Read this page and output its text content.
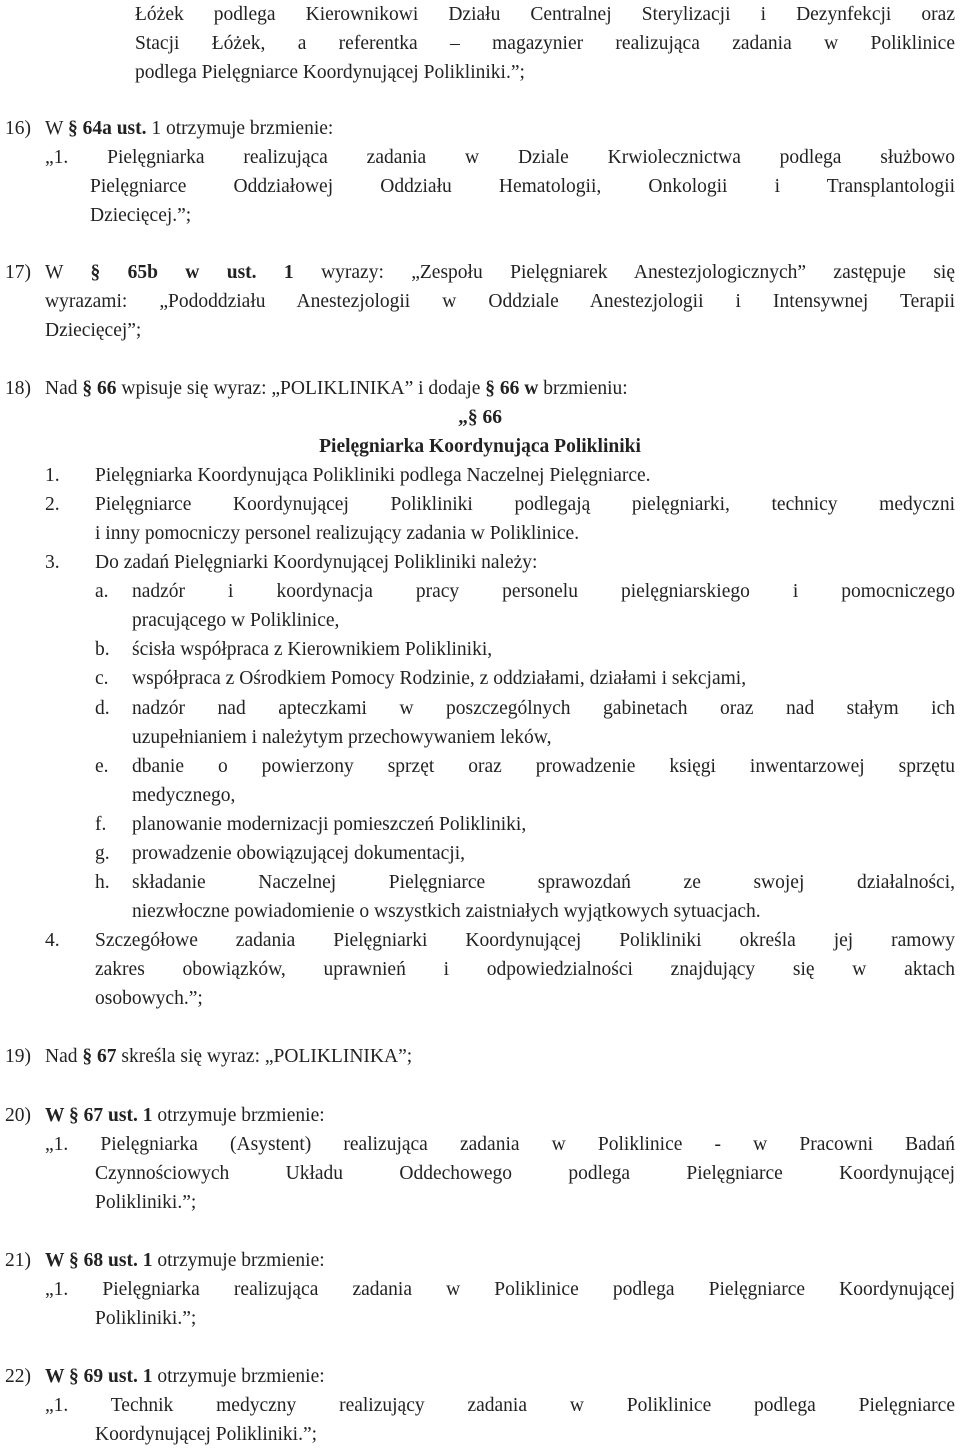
Łóżek podlega Kierownikowi Działu Centralnej Sterylizacji i Dezynfekcji oraz
Stacji Łóżek, a referentka – magazynier realizująca zadania w Poliklinice
podlega Pielęgniarce Koordynującej Polikliniki.”;
16) W § 64a ust. 1 otrzymuje brzmienie:
„1. Pielęgniarka realizująca zadania w Dziale Krwiolecznictwa podlega służbowo
Pielęgniarce Oddziałowej Oddziału Hematologii, Onkologii i Transplantologii
Dziecięcej.”;
17) W § 65b w ust. 1 wyrazy: „Zespołu Pielęgniarek Anestezjologicznych” zastępuje się
wyrazami: „Pododdziału Anestezjologii w Oddziale Anestezjologii i Intensywnej Terapii
Dziecięcej”;
18) Nad § 66 wpisuje się wyraz: „POLIKLINIKA” i dodaje § 66 w brzmieniu:
„§ 66
Pielęgniarka Koordynująca Polikliniki
1. Pielęgniarka Koordynująca Polikliniki podlega Naczelnej Pielęgniarce.
2. Pielęgniarce Koordynującej Polikliniki podlegają pielęgniarki, technicy medyczni
i inny pomocniczy personel realizujący zadania w Poliklinice.
3. Do zadań Pielęgniarki Koordynującej Polikliniki należy:
a. nadzór i koordynacja pracy personelu pielęgniarskiego i pomocniczego
pracującego w Poliklinice,
b. ścisła współpraca z Kierownikiem Polikliniki,
c. współpraca z Ośrodkiem Pomocy Rodzinie, z oddziałami, działami i sekcjami,
d. nadzór nad apteczkami w poszczególnych gabinetach oraz nad stałym ich
uzupełnianiem i należytym przechowywaniem leków,
e. dbanie o powierzony sprzęt oraz prowadzenie księgi inwentarzowej sprzętu
medycznego,
f. planowanie modernizacji pomieszczeń Polikliniki,
g. prowadzenie obowiązującej dokumentacji,
h. składanie Naczelnej Pielęgniarce sprawozdań ze swojej działalności,
niezwłoczne powiadomienie o wszystkich zaistniałych wyjątkowych sytuacjach.
4. Szczegółowe zadania Pielęgniarki Koordynującej Polikliniki określa jej ramowy
zakres obowiązków, uprawnień i odpowiedzialności znajdujący się w aktach
osobowych.”;
19) Nad § 67 skreśla się wyraz: „POLIKLINIKA”;
20) W § 67 ust. 1 otrzymuje brzmienie:
„1. Pielęgniarka (Asystent) realizująca zadania w Poliklinice - w Pracowni Badań
Czynnościowych Układu Oddechowego podlega Pielęgniarce Koordynującej
Polikliniki.”;
21) W § 68 ust. 1 otrzymuje brzmienie:
„1. Pielęgniarka realizująca zadania w Poliklinice podlega Pielęgniarce Koordynującej
Polikliniki.”;
22) W § 69 ust. 1 otrzymuje brzmienie:
„1. Technik medyczny realizujący zadania w Poliklinice podlega Pielęgniarce
Koordynującej Polikliniki.”;
